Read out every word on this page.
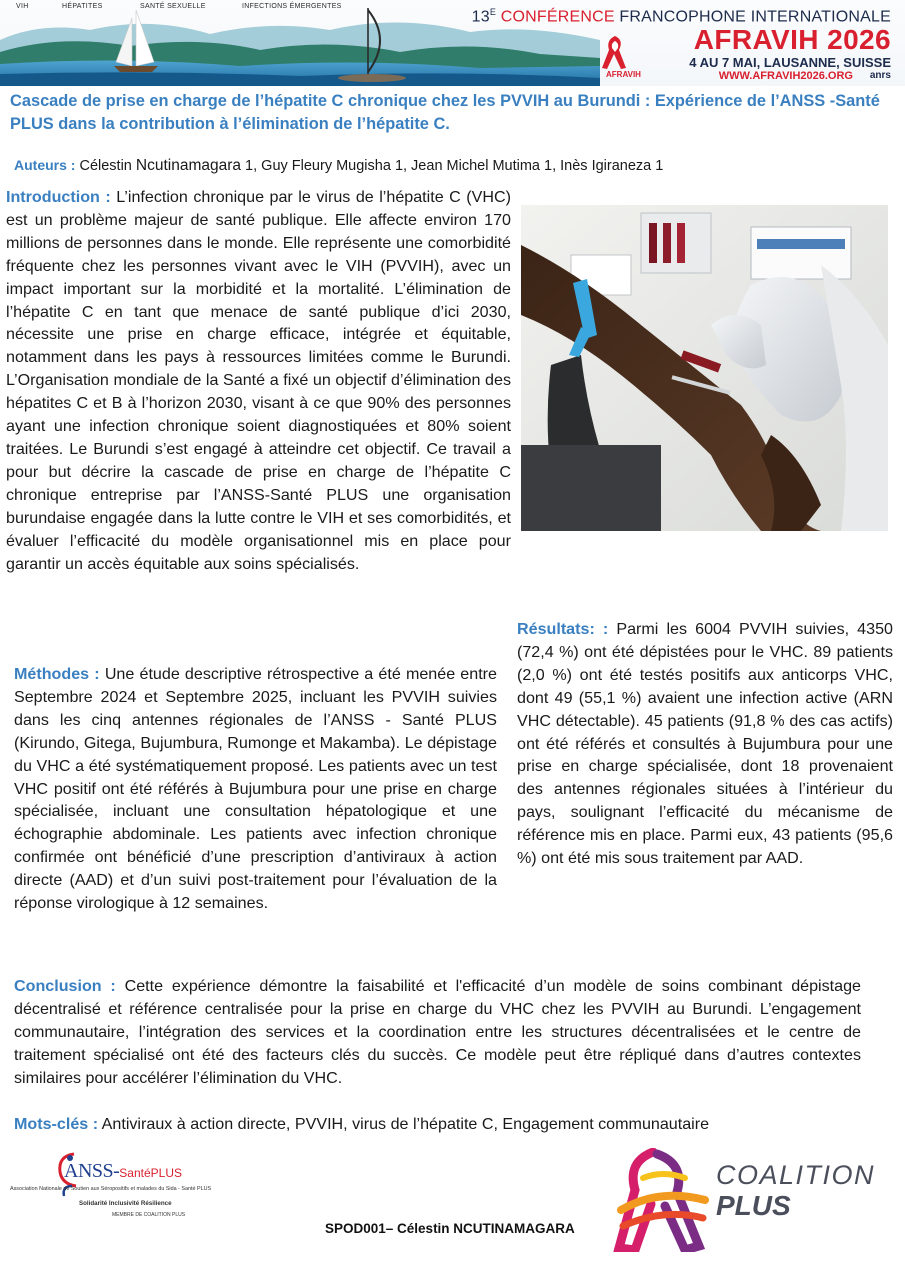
VIH	HÉPATITES	SANTÉ SEXUELLE	INFECTIONS ÉMERGENTES
$13^E$ CONFÉRENCE FRANCOPHONE INTERNATIONALE
AFRAVIH 2026
4 AU 7 MAI, LAUSANNE, SUISSE
WWW.AFRAVIH2026.ORG anrs
AFRAVIH
Cascade de prise en charge de l’hépatite C chronique chez les PVVIH au Burundi : Expérience de l’ANSS -Santé PLUS dans la contribution à l’élimination de l’hépatite C.
Auteurs : Célestin Ncutinamagara 1, Guy Fleury Mugisha 1, Jean Michel Mutima 1, Inès Igiraneza 1

Introduction : L’infection chronique par le virus de l’hépatite C (VHC) est un problème majeur de santé publique. Elle affecte environ 170 millions de personnes dans le monde. Elle représente une comorbidité fréquente chez les personnes vivant avec le VIH (PVVIH), avec un impact important sur la morbidité et la mortalité. L’élimination de l’hépatite C en tant que menace de santé publique d’ici 2030, nécessite une prise en charge efficace, intégrée et équitable, notamment dans les pays à ressources limitées comme le Burundi. L’Organisation mondiale de la Santé a fixé un objectif d’élimination des hépatites C et B à l’horizon 2030, visant à ce que 90% des personnes ayant une infection chronique soient diagnostiquées et 80% soient traitées. Le Burundi s’est engagé à atteindre cet objectif. Ce travail a pour but décrire la cascade de prise en charge de l’hépatite C chronique entreprise par l’ANSS-Santé PLUS une organisation burundaise engagée dans la lutte contre le VIH et ses comorbidités, et évaluer l’efficacité du modèle organisationnel mis en place pour garantir un accès équitable aux soins spécialisés.

Résultats: : Parmi les 6004 PVVIH suivies, 4350 (72,4 %) ont été dépistées pour le VHC. 89 patients (2,0 %) ont été testés positifs aux anticorps VHC, dont 49 (55,1 %) avaient une infection active (ARN VHC détectable). 45 patients (91,8 % des cas actifs) ont été référés et consultés à Bujumbura pour une prise en charge spécialisée, dont 18 provenaient des antennes régionales situées à l’intérieur du pays, soulignant l’efficacité du mécanisme de référence mis en place. Parmi eux, 43 patients (95,6 %) ont été mis sous traitement par AAD.

Méthodes : Une étude descriptive rétrospective a été menée entre Septembre 2024 et Septembre 2025, incluant les PVVIH suivies dans les cinq antennes régionales de l’ANSS - Santé PLUS (Kirundo, Gitega, Bujumbura, Rumonge et Makamba). Le dépistage du VHC a été systématiquement proposé. Les patients avec un test VHC positif ont été référés à Bujumbura pour une prise en charge spécialisée, incluant une consultation hépatologique et une échographie abdominale. Les patients avec infection chronique confirmée ont bénéficié d’une prescription d’antiviraux à action directe (AAD) et d’un suivi post-traitement pour l’évaluation de la réponse virologique à 12 semaines.

Conclusion : Cette expérience démontre la faisabilité et l'efficacité d’un modèle de soins combinant dépistage décentralisé et référence centralisée pour la prise en charge du VHC chez les PVVIH au Burundi. L’engagement communautaire, l’intégration des services et la coordination entre les structures décentralisées et le centre de traitement spécialisé ont été des facteurs clés du succès. Ce modèle peut être répliqué dans d’autres contextes similaires pour accélérer l’élimination du VHC.

Mots-clés : Antiviraux à action directe, PVVIH, virus de l’hépatite C, Engagement communautaire

ANSS-SantéPLUS
Association Nationale de Soutien aux Séropositifs et malades du Sida - Santé PLUS
Solidarité Inclusivité Résilience
MEMBRE DE COALITION PLUS
COALITION
PLUS
SPOD001– Célestin NCUTINAMAGARA
